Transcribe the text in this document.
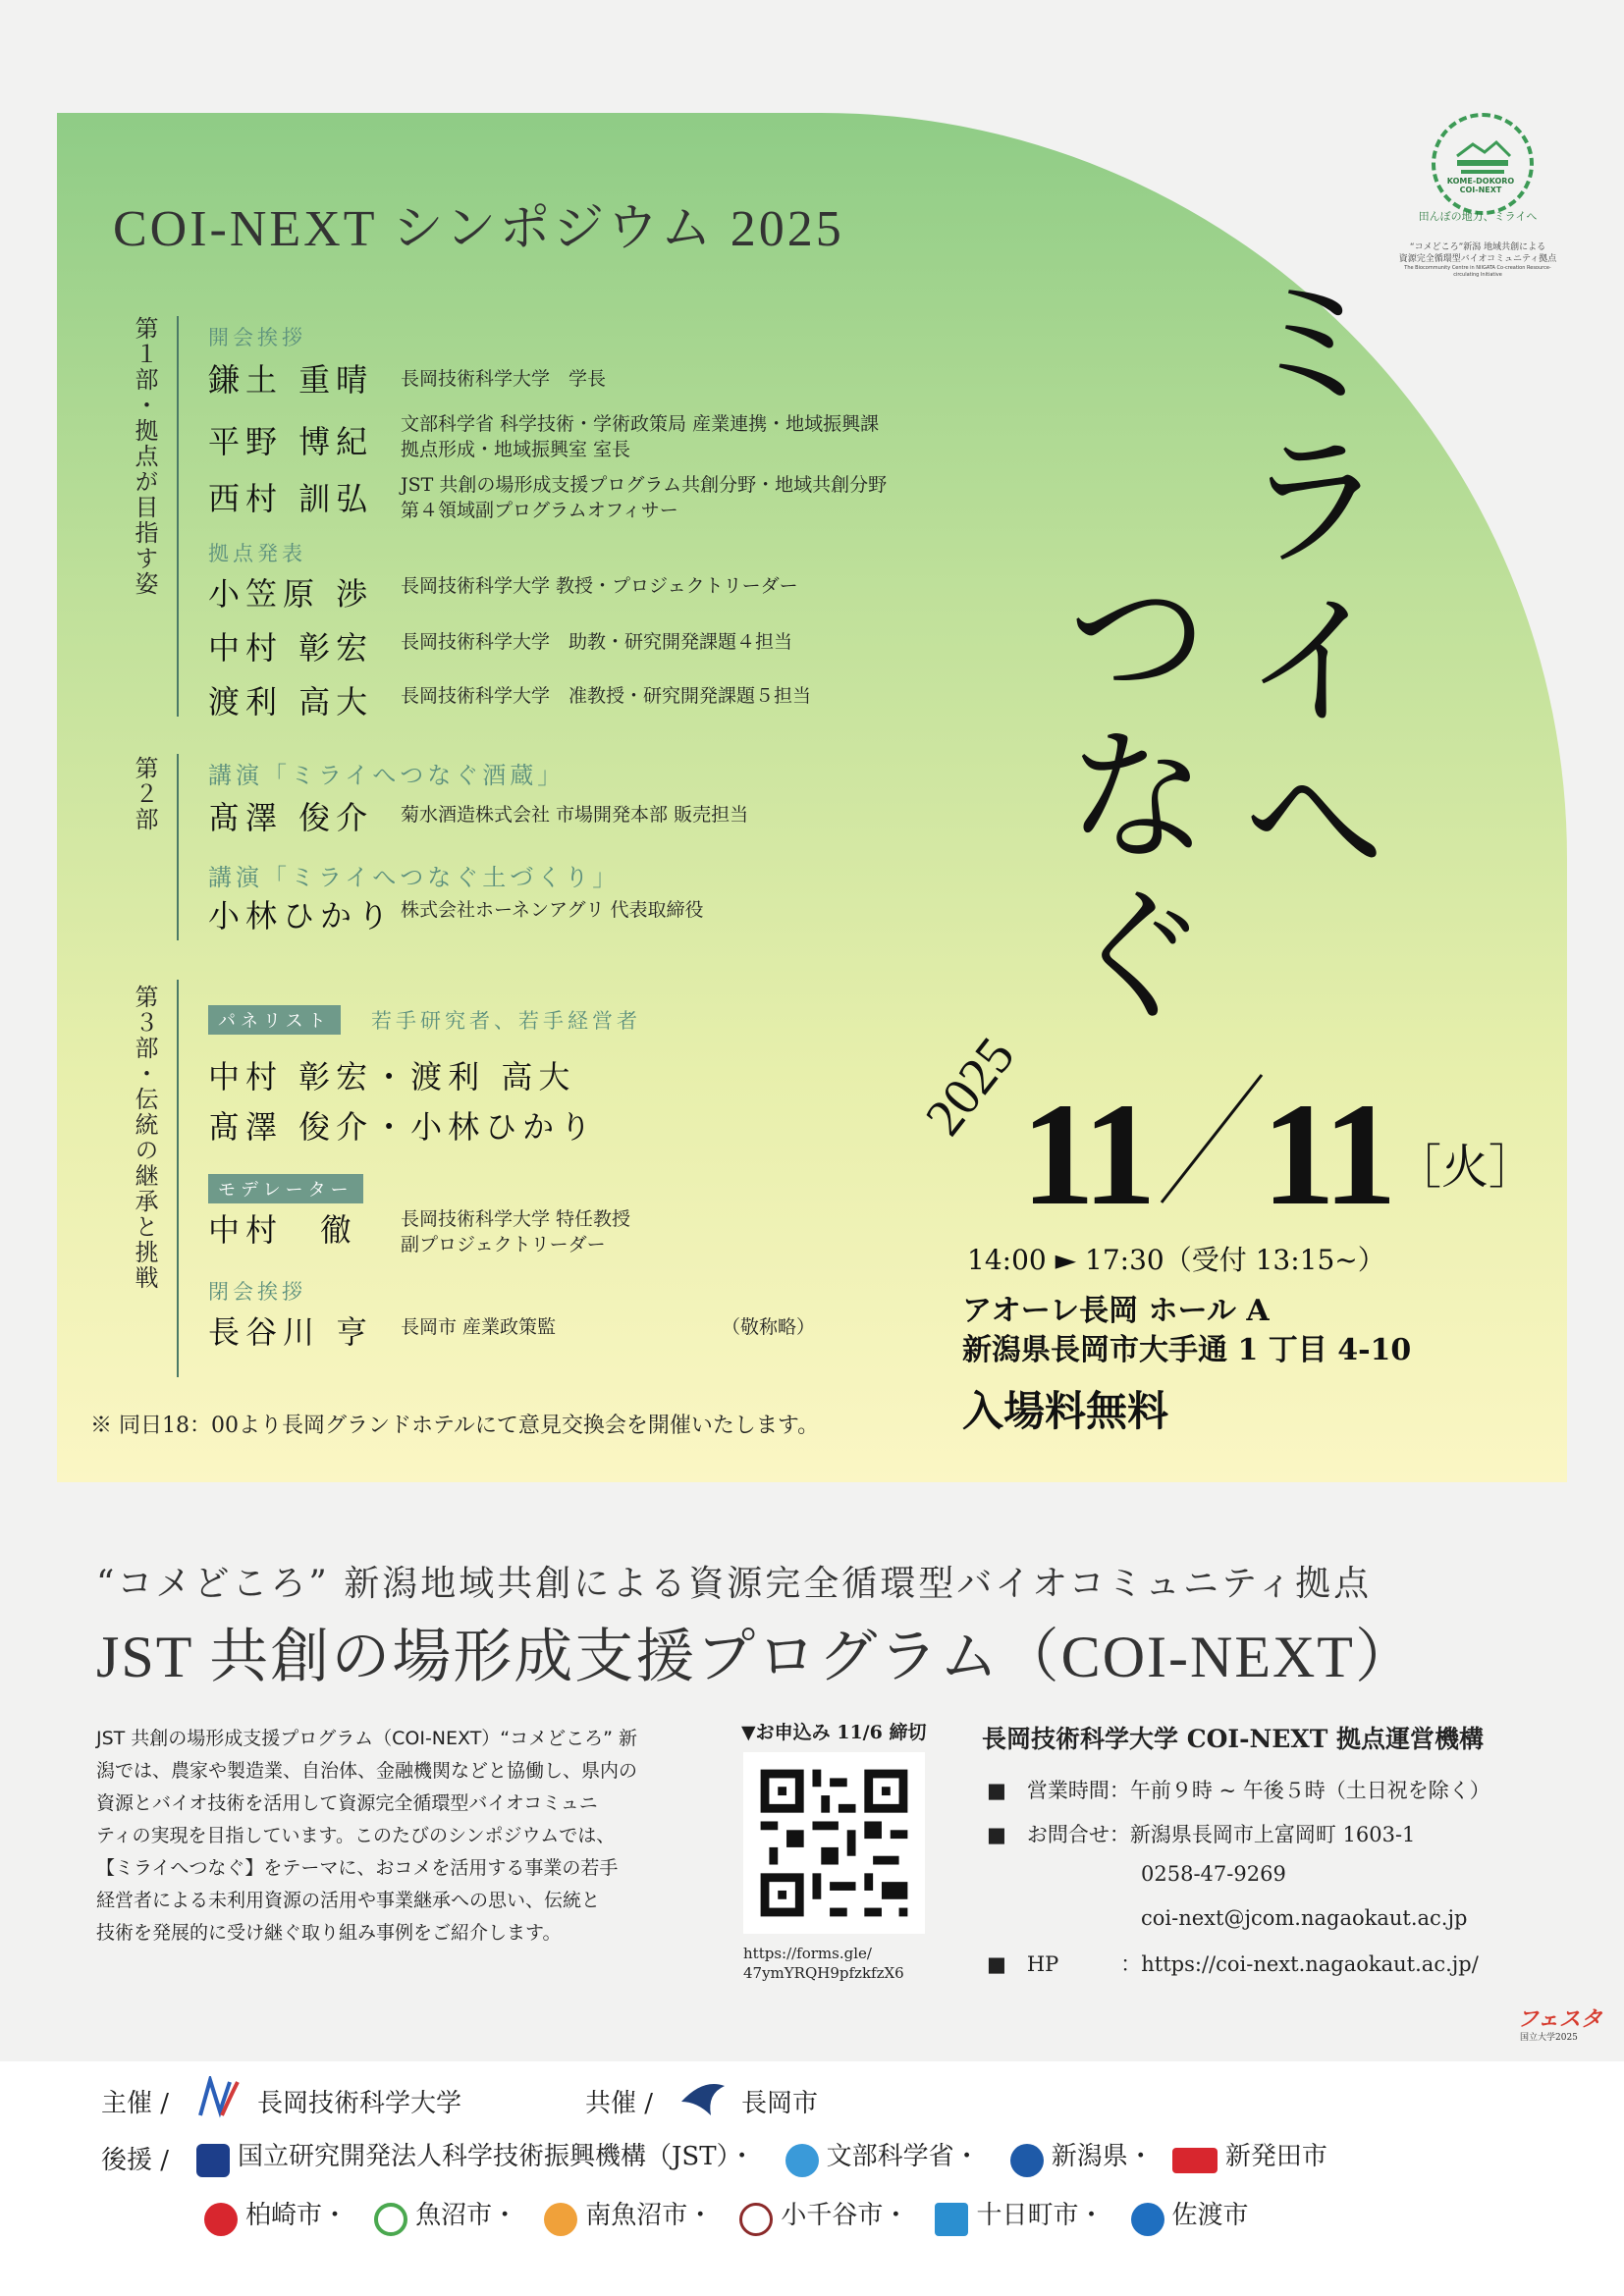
COI-NEXT シンポジウム 2025
KOME-DOKORO
COI-NEXT
田んぼの地力、ミライへ
“コメどころ”新潟 地域共創による
資源完全循環型バイオコミュニティ拠点
The Biocommunity Centre in NIIGATA Co-creation Resource-circulating Initiative
ミライへ
つなぐ
2025
11 11 ［火］
14:00 ► 17:30（受付 13:15~）
アオーレ長岡 ホール A
新潟県長岡市大手通 1 丁目 4-10
入場料無料
※ 同日18：00より長岡グランドホテルにて意見交換会を開催いたします。
第１部・拠点が目指す姿 開会挨拶
鎌土 重晴 長岡技術科学大学　学長
平野 博紀 文部科学省 科学技術・学術政策局 産業連携・地域振興課
拠点形成・地域振興室 室長
西村 訓弘 JST 共創の場形成支援プログラム共創分野・地域共創分野
第４領域副プログラムオフィサー
拠点発表
小笠原 渉 長岡技術科学大学 教授・プロジェクトリーダー
中村 彰宏 長岡技術科学大学　助教・研究開発課題４担当
渡利 高大 長岡技術科学大学　准教授・研究開発課題５担当
第２部 講演「ミライへつなぐ酒蔵」
髙澤 俊介 菊水酒造株式会社 市場開発本部 販売担当
講演「ミライへつなぐ土づくり」
小林ひかり 株式会社ホーネンアグリ 代表取締役
第３部・伝統の継承と挑戦	パネリスト	若手研究者、若手経営者
中村 彰宏・渡利 高大
髙澤 俊介・小林ひかり
モデレーター
中村　徹 長岡技術科学大学 特任教授
副プロジェクトリーダー
閉会挨拶
長谷川 亨 長岡市 産業政策監	（敬称略）
“コメどころ” 新潟地域共創による資源完全循環型バイオコミュニティ拠点
JST 共創の場形成支援プログラム（COI-NEXT）
JST 共創の場形成支援プログラム（COI-NEXT）“コメどころ” 新
潟では、農家や製造業、自治体、金融機関などと協働し、県内の
資源とバイオ技術を活用して資源完全循環型バイオコミュニ
ティの実現を目指しています。このたびのシンポジウムでは、
【ミライへつなぐ】をテーマに、おコメを活用する事業の若手
経営者による未利用資源の活用や事業継承への思い、伝統と
技術を発展的に受け継ぐ取り組み事例をご紹介します。
▼お申込み 11/6 締切
https://forms.gle/
47ymYRQH9pfzkfzX6
長岡技術科学大学 COI-NEXT 拠点運営機構
■　営業時間：午前９時 ~ 午後５時（土日祝を除く）
■　お問合せ：新潟県長岡市上富岡町 1603-1
0258-47-9269
coi-next@jcom.nagaokaut.ac.jp
■　HP　　　：https://coi-next.nagaokaut.ac.jp/
フェスタ
国立大学2025
主催 /	長岡技術科学大学	共催 /	長岡市
後援 /	国立研究開発法人科学技術振興機構（JST）・	文部科学省・	新潟県・	新発田市
柏崎市・	魚沼市・	南魚沼市・	小千谷市・	十日町市・	佐渡市
